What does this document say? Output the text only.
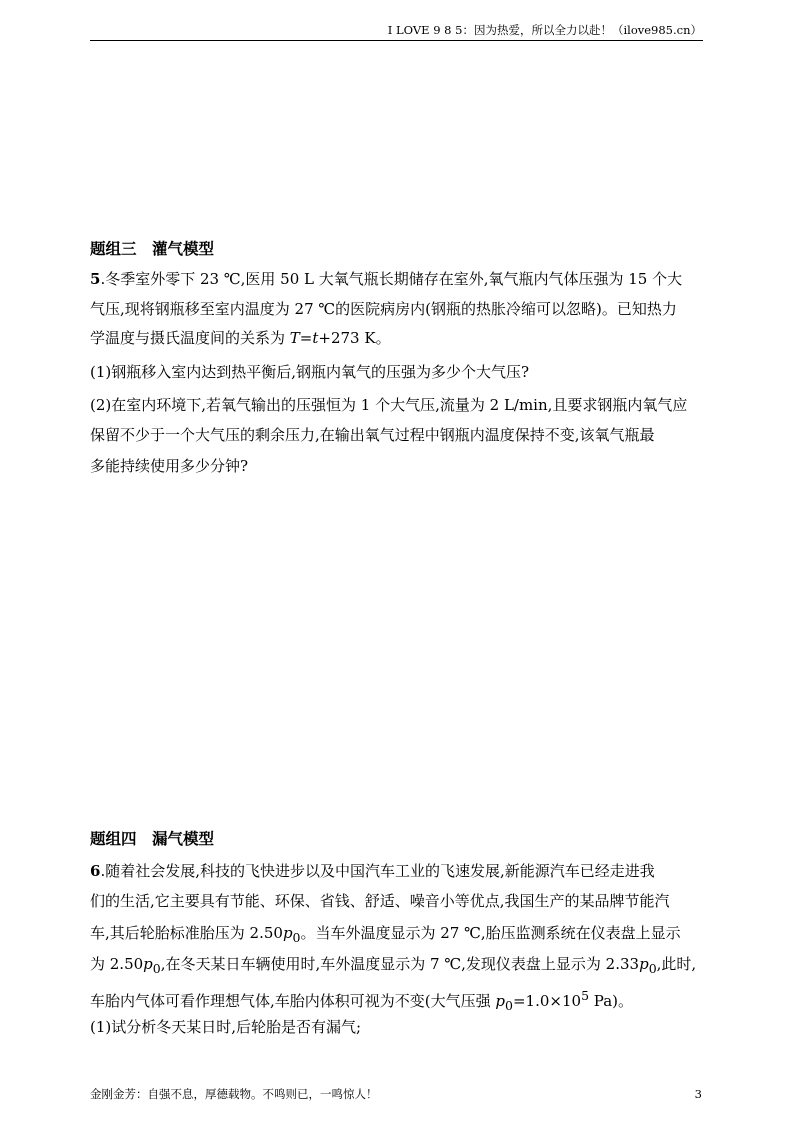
I LOVE 9 8 5：因为热爱，所以全力以赴！（ilove985.cn）
题组三　灌气模型
5.冬季室外零下 23 ℃,医用 50 L 大氧气瓶长期储存在室外,氧气瓶内气体压强为 15 个大
气压,现将钢瓶移至室内温度为 27 ℃的医院病房内(钢瓶的热胀冷缩可以忽略)。已知热力
学温度与摄氏温度间的关系为 T=t+273 K。
(1)钢瓶移入室内达到热平衡后,钢瓶内氧气的压强为多少个大气压?
(2)在室内环境下,若氧气输出的压强恒为 1 个大气压,流量为 2 L/min,且要求钢瓶内氧气应
保留不少于一个大气压的剩余压力,在输出氧气过程中钢瓶内温度保持不变,该氧气瓶最
多能持续使用多少分钟?
题组四　漏气模型
6.随着社会发展,科技的飞快进步以及中国汽车工业的飞速发展,新能源汽车已经走进我
们的生活,它主要具有节能、环保、省钱、舒适、噪音小等优点,我国生产的某品牌节能汽
车,其后轮胎标准胎压为 $2.50p_0$。当车外温度显示为 27 ℃,胎压监测系统在仪表盘上显示
为 $2.50p_0$,在冬天某日车辆使用时,车外温度显示为 7 ℃,发现仪表盘上显示为 $2.33p_0$,此时,
车胎内气体可看作理想气体,车胎内体积可视为不变(大气压强 $p_0=1.0\times 10^5$ Pa)。
(1)试分析冬天某日时,后轮胎是否有漏气;
金刚金芳：自强不息，厚德载物。不鸣则已，一鸣惊人！	3
